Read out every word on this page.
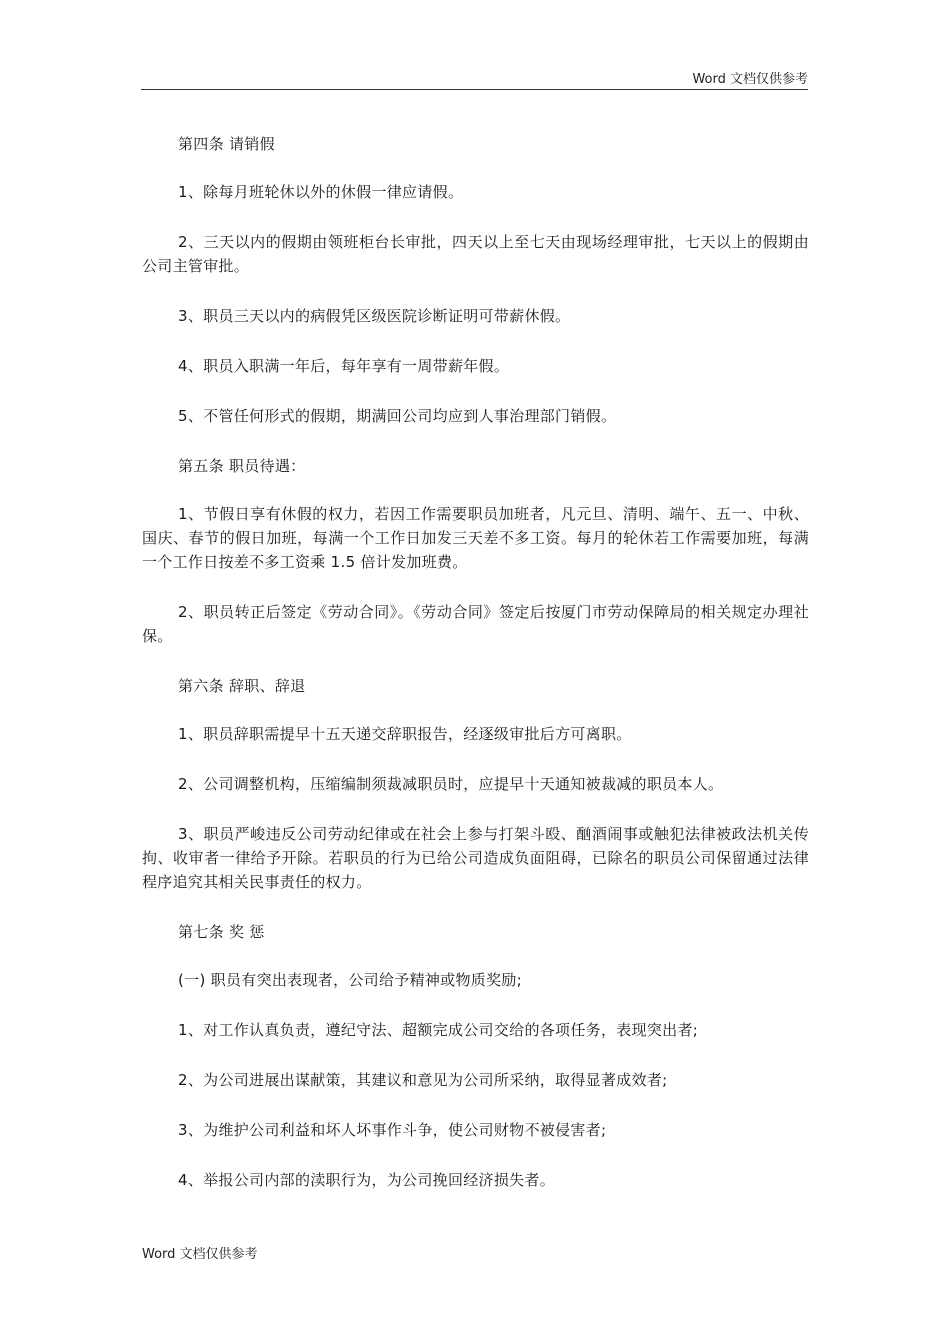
Word 文档仅供参考

第四条 请销假

1、除每月班轮休以外的休假一律应请假。

2、三天以内的假期由领班柜台长审批，四天以上至七天由现场经理审批，七天以上的假期由公司主管审批。

3、职员三天以内的病假凭区级医院诊断证明可带薪休假。

4、职员入职满一年后，每年享有一周带薪年假。

5、不管任何形式的假期，期满回公司均应到人事治理部门销假。

第五条 职员待遇：

1、节假日享有休假的权力，若因工作需要职员加班者，凡元旦、清明、端午、五一、中秋、国庆、春节的假日加班，每满一个工作日加发三天差不多工资。每月的轮休若工作需要加班，每满一个工作日按差不多工资乘 1.5 倍计发加班费。

2、职员转正后签定《劳动合同》。《劳动合同》签定后按厦门市劳动保障局的相关规定办理社保。

第六条 辞职、辞退

1、职员辞职需提早十五天递交辞职报告，经逐级审批后方可离职。

2、公司调整机构，压缩编制须裁减职员时，应提早十天通知被裁减的职员本人。

3、职员严峻违反公司劳动纪律或在社会上参与打架斗殴、酗酒闹事或触犯法律被政法机关传拘、收审者一律给予开除。若职员的行为已给公司造成负面阻碍，已除名的职员公司保留通过法律程序追究其相关民事责任的权力。

第七条 奖 惩

(一) 职员有突出表现者，公司给予精神或物质奖励;

1、对工作认真负责，遵纪守法、超额完成公司交给的各项任务，表现突出者;

2、为公司进展出谋献策，其建议和意见为公司所采纳，取得显著成效者;

3、为维护公司利益和坏人坏事作斗争，使公司财物不被侵害者;

4、举报公司内部的渎职行为，为公司挽回经济损失者。

Word 文档仅供参考
